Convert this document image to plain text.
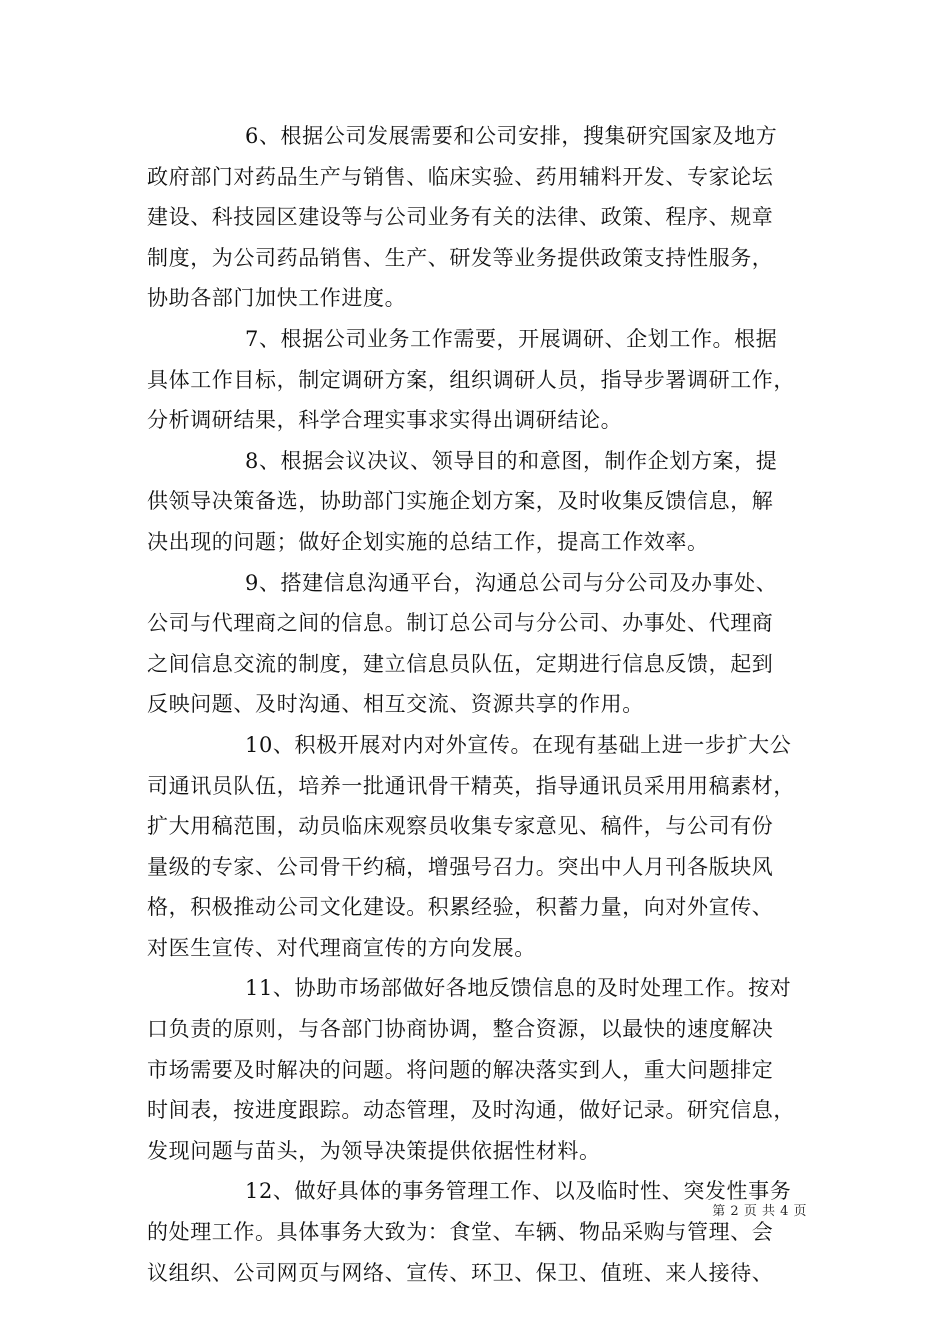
6、根据公司发展需要和公司安排，搜集研究国家及地方
政府部门对药品生产与销售、临床实验、药用辅料开发、专家论坛
建设、科技园区建设等与公司业务有关的法律、政策、程序、规章
制度，为公司药品销售、生产、研发等业务提供政策支持性服务，
协助各部门加快工作进度。
7、根据公司业务工作需要，开展调研、企划工作。根据
具体工作目标，制定调研方案，组织调研人员，指导步署调研工作，
分析调研结果，科学合理实事求实得出调研结论。
8、根据会议决议、领导目的和意图，制作企划方案，提
供领导决策备选，协助部门实施企划方案，及时收集反馈信息，解
决出现的问题；做好企划实施的总结工作，提高工作效率。
9、搭建信息沟通平台，沟通总公司与分公司及办事处、
公司与代理商之间的信息。制订总公司与分公司、办事处、代理商
之间信息交流的制度，建立信息员队伍，定期进行信息反馈，起到
反映问题、及时沟通、相互交流、资源共享的作用。
10、积极开展对内对外宣传。在现有基础上进一步扩大公
司通讯员队伍，培养一批通讯骨干精英，指导通讯员采用用稿素材，
扩大用稿范围，动员临床观察员收集专家意见、稿件，与公司有份
量级的专家、公司骨干约稿，增强号召力。突出中人月刊各版块风
格，积极推动公司文化建设。积累经验，积蓄力量，向对外宣传、
对医生宣传、对代理商宣传的方向发展。
11、协助市场部做好各地反馈信息的及时处理工作。按对
口负责的原则，与各部门协商协调，整合资源，以最快的速度解决
市场需要及时解决的问题。将问题的解决落实到人，重大问题排定
时间表，按进度跟踪。动态管理，及时沟通，做好记录。研究信息，
发现问题与苗头，为领导决策提供依据性材料。
12、做好具体的事务管理工作、以及临时性、突发性事务
的处理工作。具体事务大致为：食堂、车辆、物品采购与管理、会
议组织、公司网页与网络、宣传、环卫、保卫、值班、来人接待、
第 2 页 共 4 页
